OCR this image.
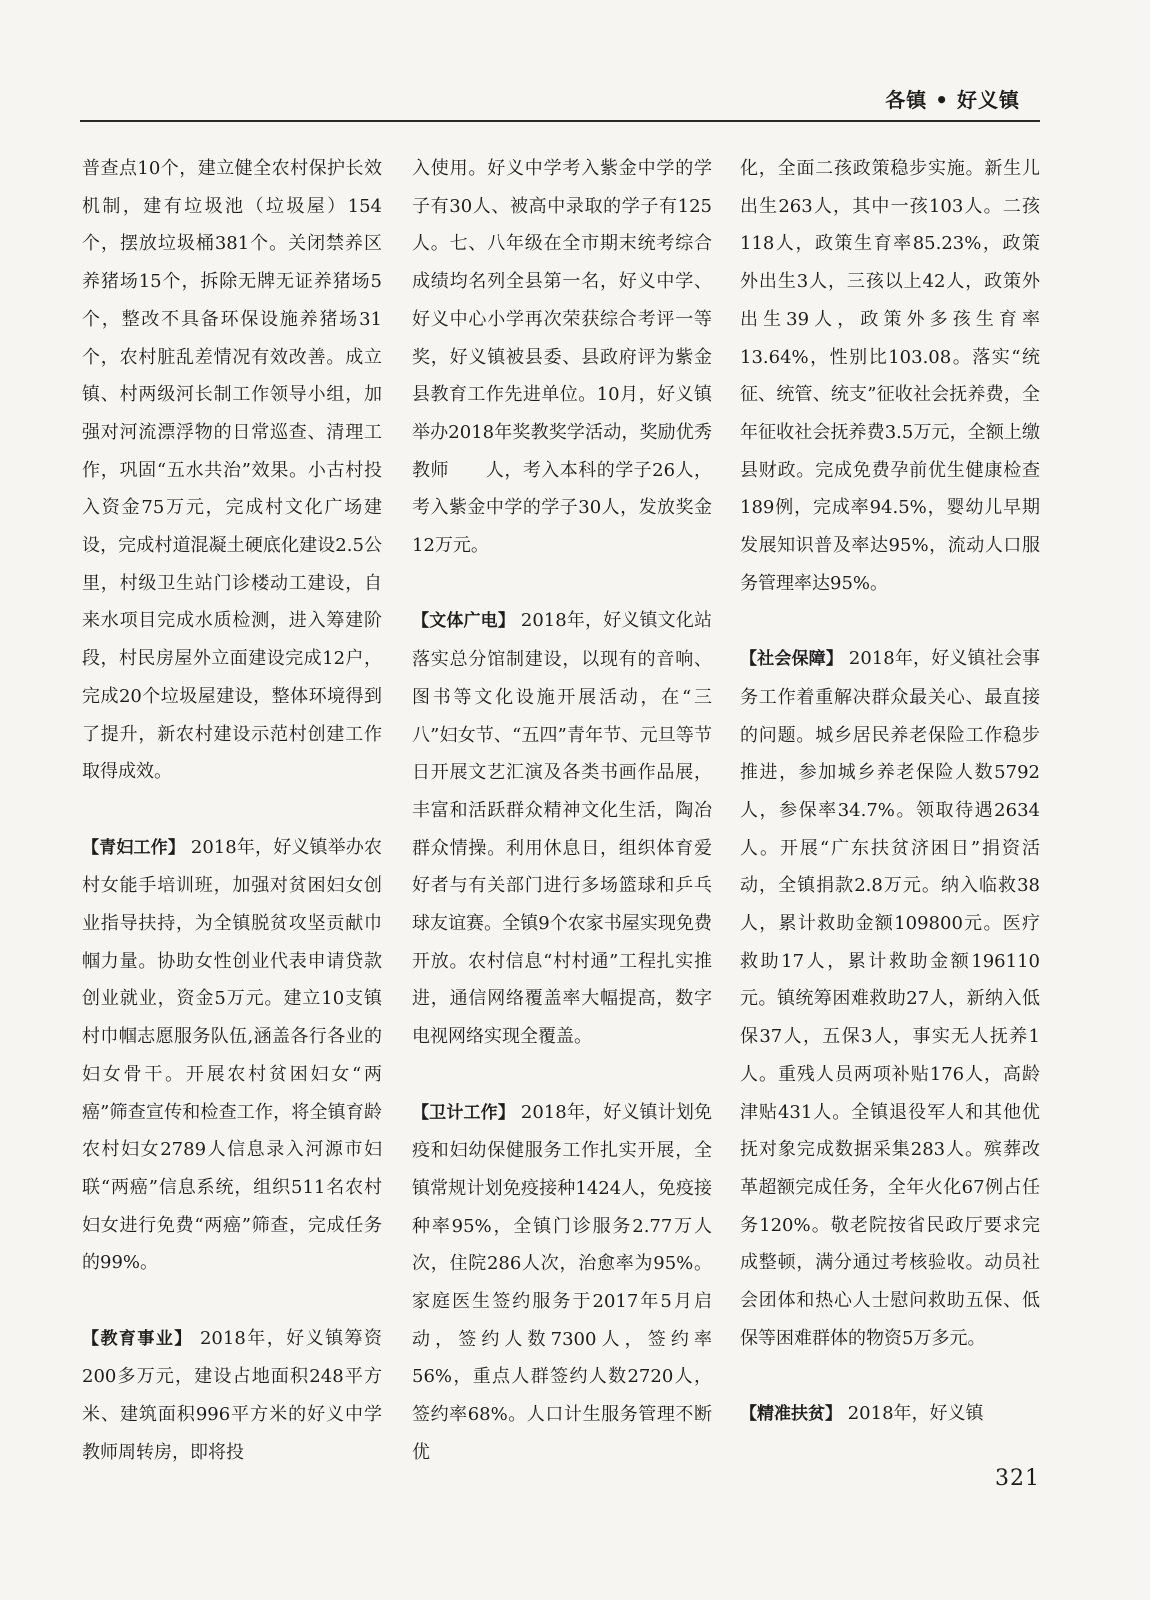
各镇 • 好义镇

普查点10个，建立健全农村保护长效机制，建有垃圾池（垃圾屋）154个，摆放垃圾桶381个。关闭禁养区养猪场15个，拆除无牌无证养猪场5个，整改不具备环保设施养猪场31个，农村脏乱差情况有效改善。成立镇、村两级河长制工作领导小组，加强对河流漂浮物的日常巡查、清理工作，巩固“五水共治”效果。小古村投入资金75万元，完成村文化广场建设，完成村道混凝土硬底化建设2.5公里，村级卫生站门诊楼动工建设，自来水项目完成水质检测，进入筹建阶段，村民房屋外立面建设完成12户，完成20个垃圾屋建设，整体环境得到了提升，新农村建设示范村创建工作取得成效。

【青妇工作】 2018年，好义镇举办农村女能手培训班，加强对贫困妇女创业指导扶持，为全镇脱贫攻坚贡献巾帼力量。协助女性创业代表申请贷款创业就业，资金5万元。建立10支镇村巾帼志愿服务队伍,涵盖各行各业的妇女骨干。开展农村贫困妇女“两癌”筛查宣传和检查工作，将全镇育龄农村妇女2789人信息录入河源市妇联“两癌”信息系统，组织511名农村妇女进行免费“两癌”筛查，完成任务的99%。

【教育事业】 2018年，好义镇筹资200多万元，建设占地面积248平方米、建筑面积996平方米的好义中学教师周转房，即将投

入使用。好义中学考入紫金中学的学子有30人、被高中录取的学子有125人。七、八年级在全市期末统考综合成绩均名列全县第一名，好义中学、好义中心小学再次荣获综合考评一等奖，好义镇被县委、县政府评为紫金县教育工作先进单位。10月，好义镇举办2018年奖教奖学活动，奖励优秀教师　　人，考入本科的学子26人，考入紫金中学的学子30人，发放奖金12万元。

【文体广电】 2018年，好义镇文化站落实总分馆制建设，以现有的音响、图书等文化设施开展活动，在“三八”妇女节、“五四”青年节、元旦等节日开展文艺汇演及各类书画作品展，丰富和活跃群众精神文化生活，陶冶群众情操。利用休息日，组织体育爱好者与有关部门进行多场篮球和乒乓球友谊赛。全镇9个农家书屋实现免费开放。农村信息“村村通”工程扎实推进，通信网络覆盖率大幅提高，数字电视网络实现全覆盖。

【卫计工作】 2018年，好义镇计划免疫和妇幼保健服务工作扎实开展，全镇常规计划免疫接种1424人，免疫接种率95%，全镇门诊服务2.77万人次，住院286人次，治愈率为95%。家庭医生签约服务于2017年5月启动，签约人数7300人，签约率56%，重点人群签约人数2720人，签约率68%。人口计生服务管理不断优

化，全面二孩政策稳步实施。新生儿出生263人，其中一孩103人。二孩118人，政策生育率85.23%，政策外出生3人，三孩以上42人，政策外出生39人，政策外多孩生育率13.64%，性别比103.08。落实“统征、统管、统支”征收社会抚养费，全年征收社会抚养费3.5万元，全额上缴县财政。完成免费孕前优生健康检查189例，完成率94.5%，婴幼儿早期发展知识普及率达95%，流动人口服务管理率达95%。

【社会保障】 2018年，好义镇社会事务工作着重解决群众最关心、最直接的问题。城乡居民养老保险工作稳步推进，参加城乡养老保险人数5792人，参保率34.7%。领取待遇2634人。开展“广东扶贫济困日”捐资活动，全镇捐款2.8万元。纳入临救38人，累计救助金额109800元。医疗救助17人，累计救助金额196110元。镇统筹困难救助27人，新纳入低保37人，五保3人，事实无人抚养1人。重残人员两项补贴176人，高龄津贴431人。全镇退役军人和其他优抚对象完成数据采集283人。殡葬改革超额完成任务，全年火化67例占任务120%。敬老院按省民政厅要求完成整顿，满分通过考核验收。动员社会团体和热心人士慰问救助五保、低保等困难群体的物资5万多元。

【精准扶贫】 2018年，好义镇

321
